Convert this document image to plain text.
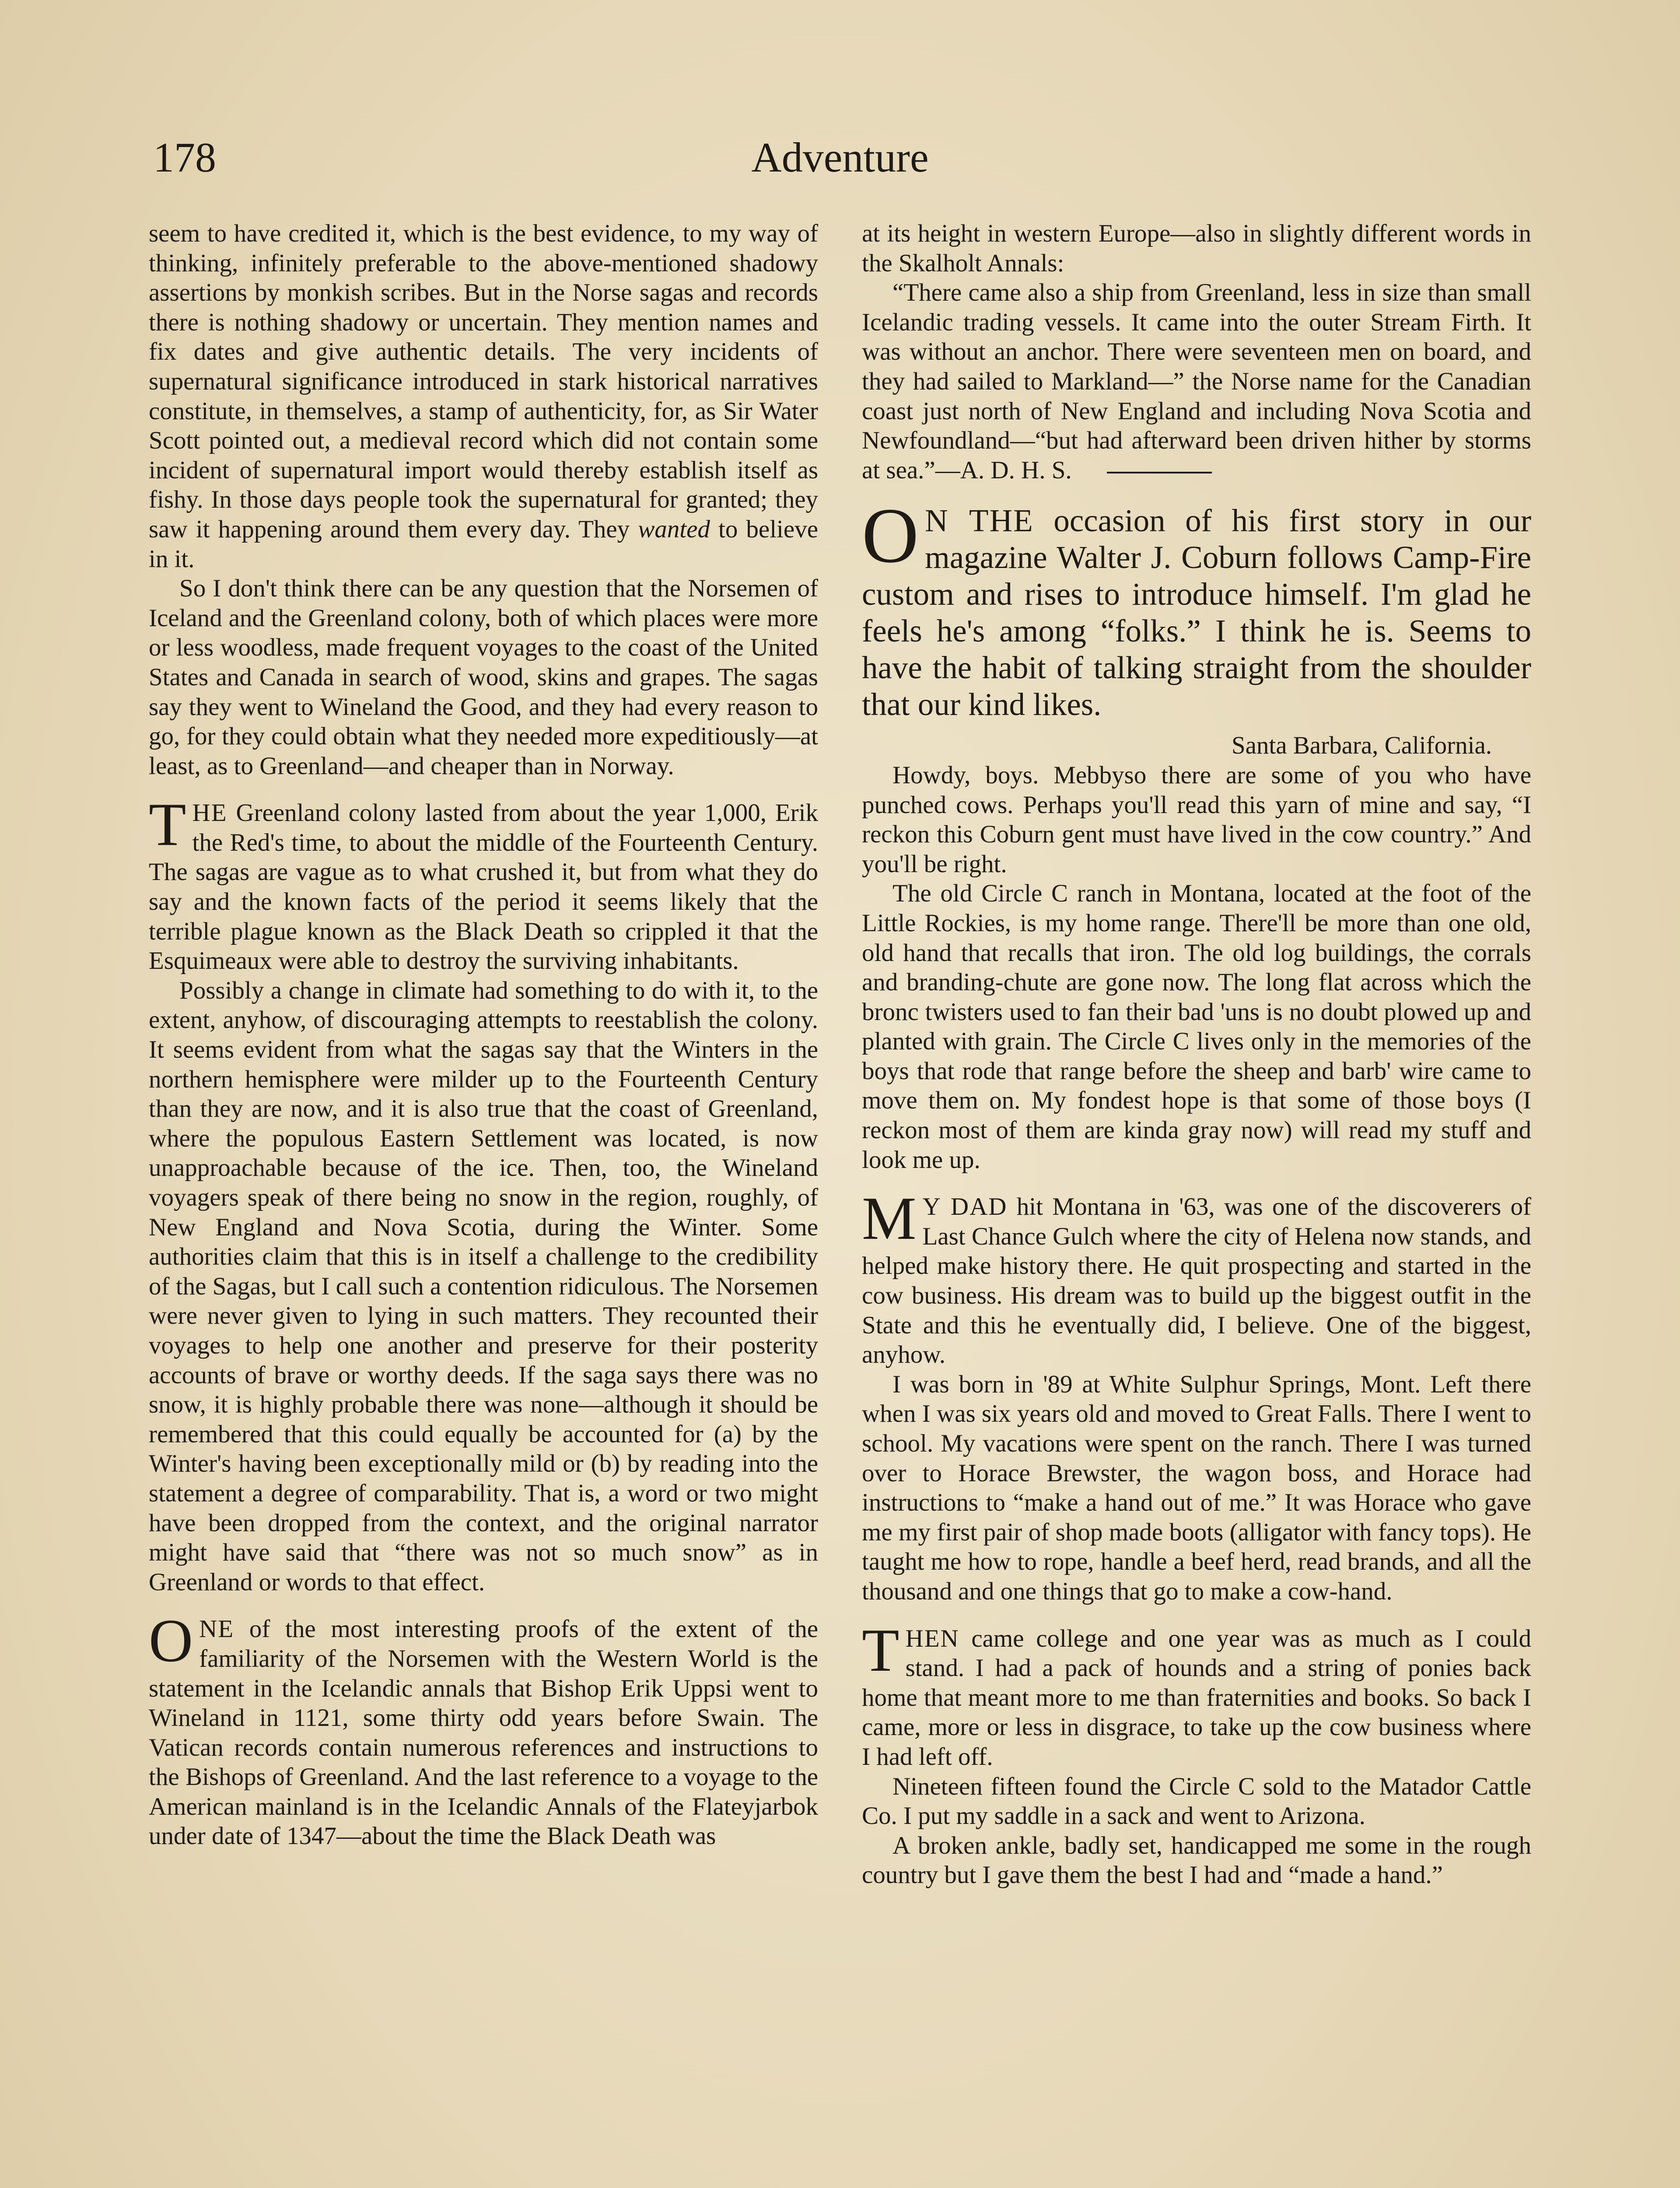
178	Adventure

seem to have credited it, which is the best evidence, to my way of thinking, infinitely preferable to the above-mentioned shadowy assertions by monkish scribes. But in the Norse sagas and records there is nothing shadowy or uncertain. They mention names and fix dates and give authentic details. The very incidents of supernatural significance introduced in stark historical narratives constitute, in themselves, a stamp of authenticity, for, as Sir Water Scott pointed out, a medieval record which did not contain some incident of supernatural import would thereby establish itself as fishy. In those days people took the supernatural for granted; they saw it happening around them every day. They wanted to believe in it.

So I don't think there can be any question that the Norsemen of Iceland and the Greenland colony, both of which places were more or less woodless, made frequent voyages to the coast of the United States and Canada in search of wood, skins and grapes. The sagas say they went to Wineland the Good, and they had every reason to go, for they could obtain what they needed more expeditiously—at least, as to Greenland—and cheaper than in Norway.

THE Greenland colony lasted from about the year 1,000, Erik the Red's time, to about the middle of the Fourteenth Century. The sagas are vague as to what crushed it, but from what they do say and the known facts of the period it seems likely that the terrible plague known as the Black Death so crippled it that the Esquimeaux were able to destroy the surviving inhabitants.

Possibly a change in climate had something to do with it, to the extent, anyhow, of discouraging attempts to reestablish the colony. It seems evident from what the sagas say that the Winters in the northern hemisphere were milder up to the Fourteenth Century than they are now, and it is also true that the coast of Greenland, where the populous Eastern Settlement was located, is now unapproachable because of the ice. Then, too, the Wineland voyagers speak of there being no snow in the region, roughly, of New England and Nova Scotia, during the Winter. Some authorities claim that this is in itself a challenge to the credibility of the Sagas, but I call such a contention ridiculous. The Norsemen were never given to lying in such matters. They recounted their voyages to help one another and preserve for their posterity accounts of brave or worthy deeds. If the saga says there was no snow, it is highly probable there was none—although it should be remembered that this could equally be accounted for (a) by the Winter's having been exceptionally mild or (b) by reading into the statement a degree of comparability. That is, a word or two might have been dropped from the context, and the original narrator might have said that “there was not so much snow” as in Greenland or words to that effect.

ONE of the most interesting proofs of the extent of the familiarity of the Norsemen with the Western World is the statement in the Icelandic annals that Bishop Erik Uppsi went to Wineland in 1121, some thirty odd years before Swain. The Vatican records contain numerous references and instructions to the Bishops of Greenland. And the last reference to a voyage to the American mainland is in the Icelandic Annals of the Flateyjarbok under date of 1347—about the time the Black Death was

at its height in western Europe—also in slightly different words in the Skalholt Annals:

“There came also a ship from Greenland, less in size than small Icelandic trading vessels. It came into the outer Stream Firth. It was without an anchor. There were seventeen men on board, and they had sailed to Markland—” the Norse name for the Canadian coast just north of New England and including Nova Scotia and Newfoundland—“but had afterward been driven hither by storms at sea.”—A. D. H. S.

O N THE occasion of his first story in our magazine Walter J. Coburn follows Camp-Fire custom and rises to introduce himself. I'm glad he feels he's among “folks.” I think he is. Seems to have the habit of talking straight from the shoulder that our kind likes.

Santa Barbara, California.

Howdy, boys. Mebbyso there are some of you who have punched cows. Perhaps you'll read this yarn of mine and say, “I reckon this Coburn gent must have lived in the cow country.” And you'll be right.

The old Circle C ranch in Montana, located at the foot of the Little Rockies, is my home range. There'll be more than one old, old hand that recalls that iron. The old log buildings, the corrals and branding-chute are gone now. The long flat across which the bronc twisters used to fan their bad 'uns is no doubt plowed up and planted with grain. The Circle C lives only in the memories of the boys that rode that range before the sheep and barb' wire came to move them on. My fondest hope is that some of those boys (I reckon most of them are kinda gray now) will read my stuff and look me up.

M Y DAD hit Montana in '63, was one of the discoverers of Last Chance Gulch where the city of Helena now stands, and helped make history there. He quit prospecting and started in the cow business. His dream was to build up the biggest outfit in the State and this he eventually did, I believe. One of the biggest, anyhow.

I was born in '89 at White Sulphur Springs, Mont. Left there when I was six years old and moved to Great Falls. There I went to school. My vacations were spent on the ranch. There I was turned over to Horace Brewster, the wagon boss, and Horace had instructions to “make a hand out of me.” It was Horace who gave me my first pair of shop made boots (alligator with fancy tops). He taught me how to rope, handle a beef herd, read brands, and all the thousand and one things that go to make a cow-hand.

THEN came college and one year was as much as I could stand. I had a pack of hounds and a string of ponies back home that meant more to me than fraternities and books. So back I came, more or less in disgrace, to take up the cow business where I had left off.

Nineteen fifteen found the Circle C sold to the Matador Cattle Co. I put my saddle in a sack and went to Arizona.

A broken ankle, badly set, handicapped me some in the rough country but I gave them the best I had and “made a hand.”
